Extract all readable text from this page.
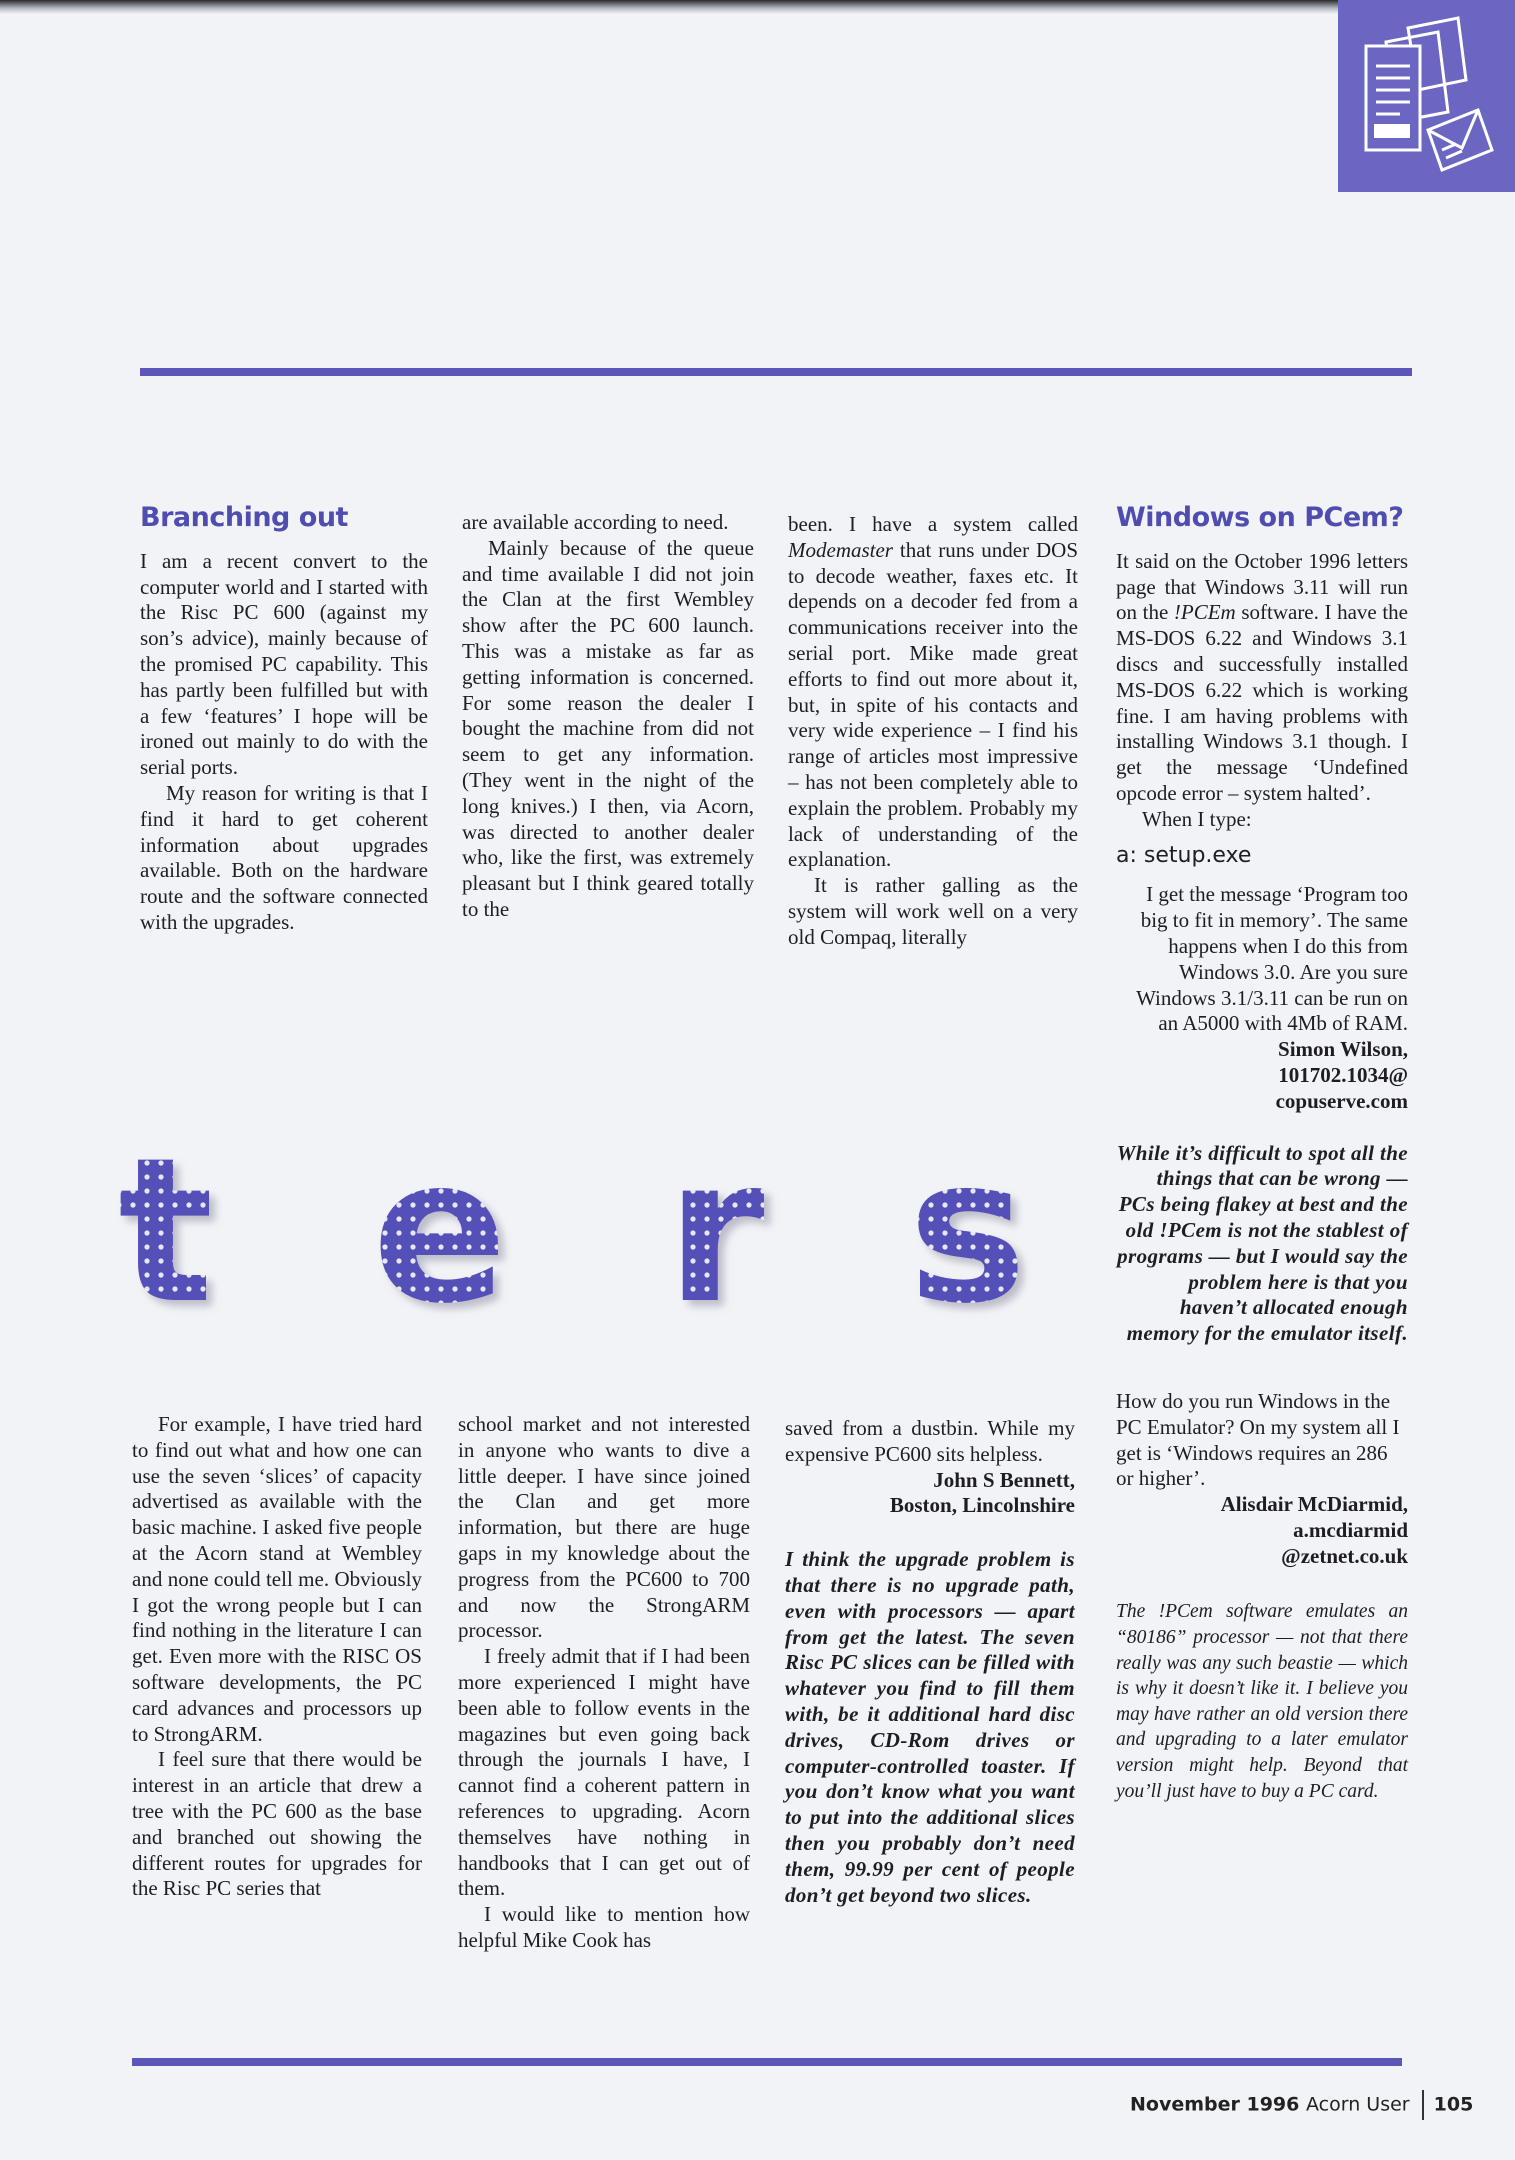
Branching out

I am a recent convert to the computer world and I started with the Risc PC 600 (against my son’s advice), mainly because of the promised PC capability. This has partly been fulfilled but with a few ‘features’ I hope will be ironed out mainly to do with the serial ports.

My reason for writing is that I find it hard to get coherent information about upgrades available. Both on the hardware route and the software connected with the upgrades.

are available according to need.

Mainly because of the queue and time available I did not join the Clan at the first Wembley show after the PC 600 launch. This was a mistake as far as getting information is concerned. For some reason the dealer I bought the machine from did not seem to get any information. (They went in the night of the long knives.) I then, via Acorn, was directed to another dealer who, like the first, was extremely pleasant but I think geared totally to the

been. I have a system called Modemaster that runs under DOS to decode weather, faxes etc. It depends on a decoder fed from a communications receiver into the serial port. Mike made great efforts to find out more about it, but, in spite of his contacts and very wide experience – I find his range of articles most impressive – has not been completely able to explain the problem. Probably my lack of understanding of the explanation.

It is rather galling as the system will work well on a very old Compaq, literally

Windows on PCem?

It said on the October 1996 letters page that Windows 3.11 will run on the !PCEm software. I have the MS-DOS 6.22 and Windows 3.1 discs and successfully installed MS-DOS 6.22 which is working fine. I am having problems with installing Windows 3.1 though. I get the message ‘Undefined opcode error – system halted’.

When I type:

a: setup.exe

I get the message ‘Program too big to fit in memory’. The same happens when I do this from Windows 3.0. Are you sure Windows 3.1/3.11 can be run on an A5000 with 4Mb of RAM.

Simon Wilson,

101702.1034@

copuserve.com

While it’s difficult to spot all the things that can be wrong — PCs being flakey at best and the old !PCem is not the stablest of programs — but I would say the problem here is that you haven’t allocated enough memory for the emulator itself.

How do you run Windows in the PC Emulator? On my system all I get is ‘Windows requires an 286 or higher’.

Alisdair McDiarmid,

a.mcdiarmid

@zetnet.co.uk

The !PCem software emulates an “80186” processor — not that there really was any such beastie — which is why it doesn’t like it. I believe you may have rather an old version there and upgrading to a later emulator version might help. Beyond that you’ll just have to buy a PC card.

t e r s

For example, I have tried hard to find out what and how one can use the seven ‘slices’ of capacity advertised as available with the basic machine. I asked five people at the Acorn stand at Wembley and none could tell me. Obviously I got the wrong people but I can find nothing in the literature I can get. Even more with the RISC OS software developments, the PC card advances and processors up to StrongARM.

I feel sure that there would be interest in an article that drew a tree with the PC 600 as the base and branched out showing the different routes for upgrades for the Risc PC series that

school market and not interested in anyone who wants to dive a little deeper. I have since joined the Clan and get more information, but there are huge gaps in my knowledge about the progress from the PC600 to 700 and now the StrongARM processor.

I freely admit that if I had been more experienced I might have been able to follow events in the magazines but even going back through the journals I have, I cannot find a coherent pattern in references to upgrading. Acorn themselves have nothing in handbooks that I can get out of them.

I would like to mention how helpful Mike Cook has

saved from a dustbin. While my expensive PC600 sits helpless.

John S Bennett,

Boston, Lincolnshire

I think the upgrade problem is that there is no upgrade path, even with processors — apart from get the latest. The seven Risc PC slices can be filled with whatever you find to fill them with, be it additional hard disc drives, CD-Rom drives or computer-controlled toaster. If you don’t know what you want to put into the additional slices then you probably don’t need them, 99.99 per cent of people don’t get beyond two slices.

November 1996 Acorn User 105
